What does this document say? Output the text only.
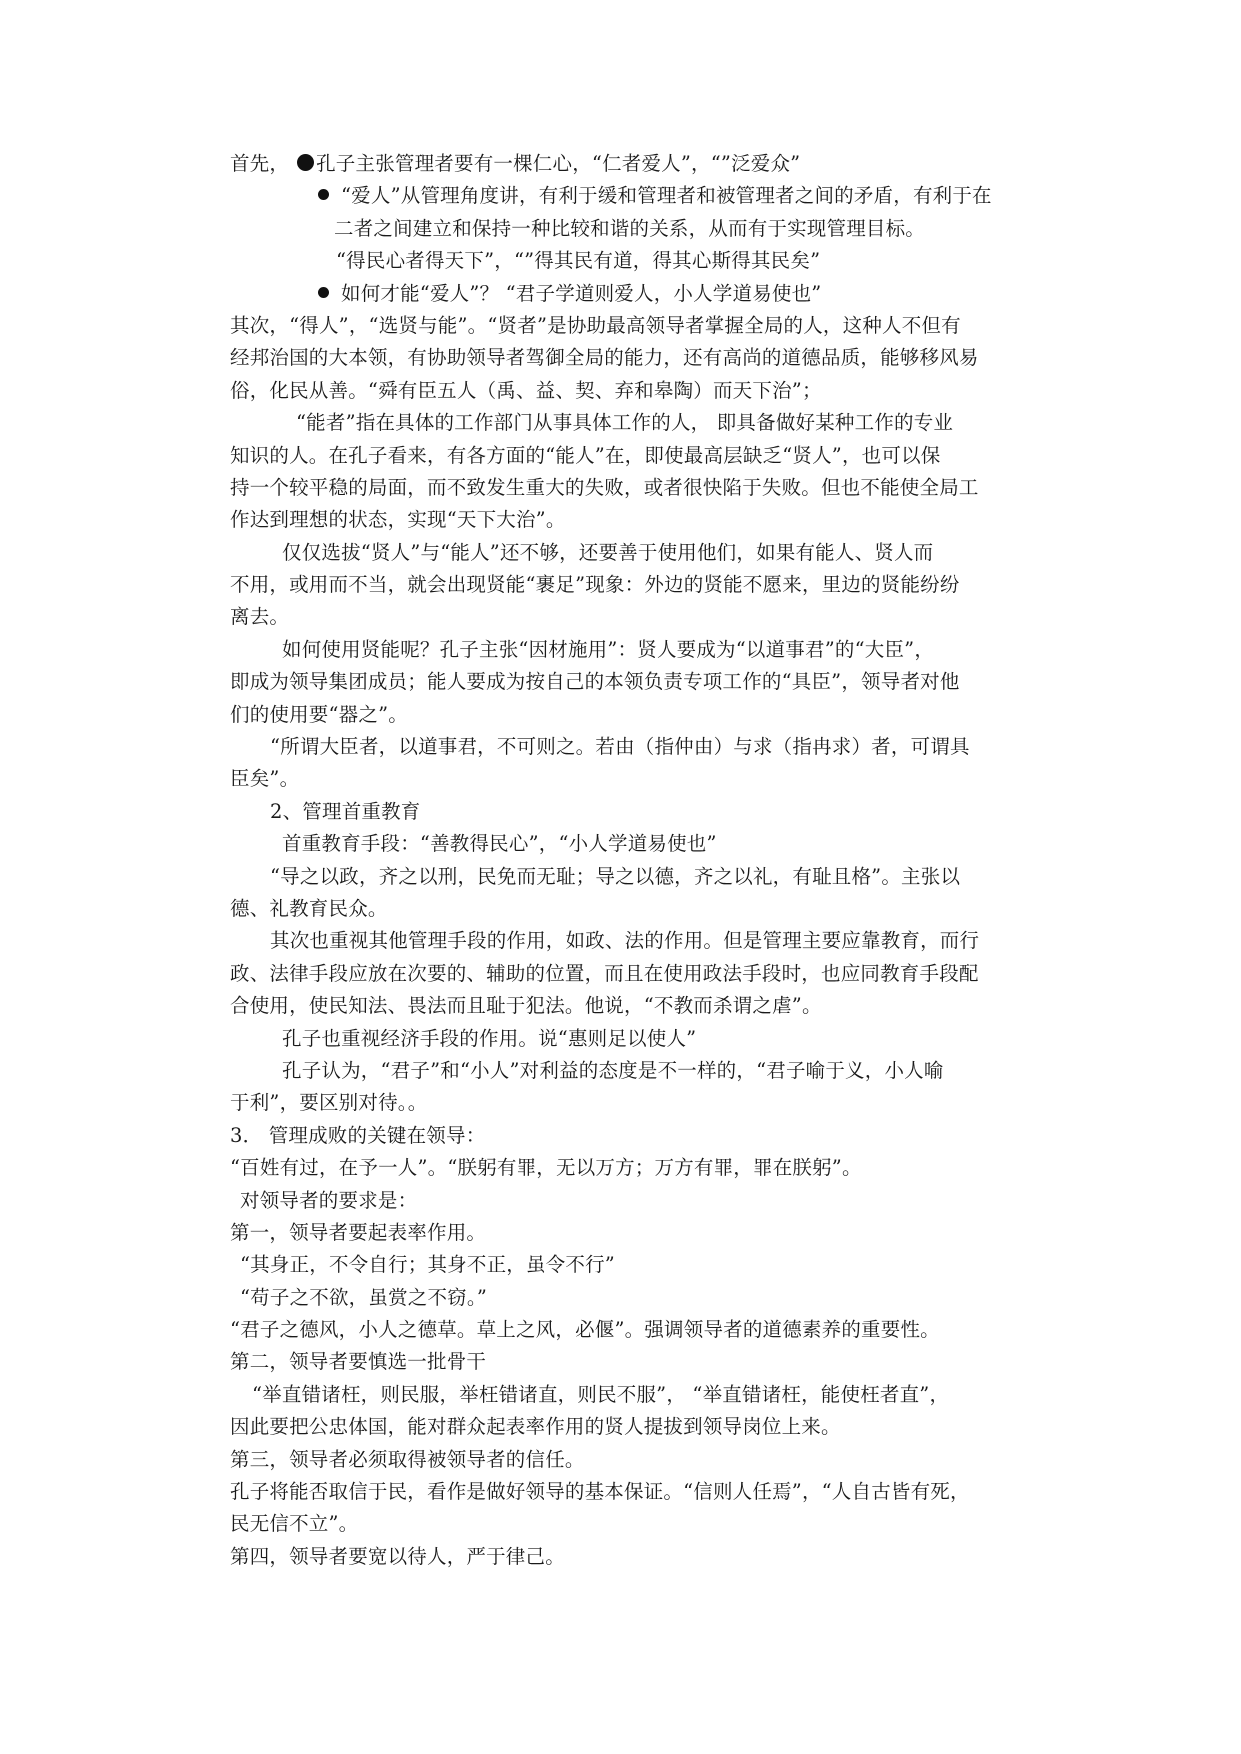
首先， 孔子主张管理者要有一棵仁心，“仁者爱人”，“”泛爱众”
“爱人”从管理角度讲，有利于缓和管理者和被管理者之间的矛盾，有利于在
二者之间建立和保持一种比较和谐的关系，从而有于实现管理目标。
“得民心者得天下”，“”得其民有道，得其心斯得其民矣”
如何才能“爱人”？ “君子学道则爱人，小人学道易使也”
其次，“得人”，“选贤与能”。“贤者”是协助最高领导者掌握全局的人，这种人不但有
经邦治国的大本领，有协助领导者驾御全局的能力，还有高尚的道德品质，能够移风易
俗，化民从善。“舜有臣五人（禹、益、契、弃和皋陶）而天下治”；
“能者”指在具体的工作部门从事具体工作的人， 即具备做好某种工作的专业
知识的人。在孔子看来，有各方面的“能人”在，即使最高层缺乏“贤人”，也可以保
持一个较平稳的局面，而不致发生重大的失败，或者很快陷于失败。但也不能使全局工
作达到理想的状态，实现“天下大治”。
仅仅选拔“贤人”与“能人”还不够，还要善于使用他们，如果有能人、贤人而
不用，或用而不当，就会出现贤能“裹足”现象：外边的贤能不愿来，里边的贤能纷纷
离去。
如何使用贤能呢？孔子主张“因材施用”：贤人要成为“以道事君”的“大臣”，
即成为领导集团成员；能人要成为按自己的本领负责专项工作的“具臣”，领导者对他
们的使用要“器之”。
“所谓大臣者，以道事君，不可则之。若由（指仲由）与求（指冉求）者，可谓具
臣矣”。
2、管理首重教育
首重教育手段：“善教得民心”，“小人学道易使也”
“导之以政，齐之以刑，民免而无耻；导之以德，齐之以礼，有耻且格”。主张以
德、礼教育民众。
其次也重视其他管理手段的作用，如政、法的作用。但是管理主要应靠教育，而行
政、法律手段应放在次要的、辅助的位置，而且在使用政法手段时，也应同教育手段配
合使用，使民知法、畏法而且耻于犯法。他说，“不教而杀谓之虐”。
孔子也重视经济手段的作用。说“惠则足以使人”
孔子认为，“君子”和“小人”对利益的态度是不一样的，“君子喻于义，小人喻
于利”，要区别对待。。
3． 管理成败的关键在领导：
“百姓有过，在予一人”。“朕躬有罪，无以万方；万方有罪，罪在朕躬”。
对领导者的要求是：
第一，领导者要起表率作用。
“其身正，不令自行；其身不正，虽令不行”
“苟子之不欲，虽赏之不窃。”
“君子之德风，小人之德草。草上之风，必偃”。强调领导者的道德素养的重要性。
第二，领导者要慎选一批骨干
“举直错诸枉，则民服，举枉错诸直，则民不服”， “举直错诸枉，能使枉者直”，
因此要把公忠体国，能对群众起表率作用的贤人提拔到领导岗位上来。
第三，领导者必须取得被领导者的信任。
孔子将能否取信于民，看作是做好领导的基本保证。“信则人任焉”，“人自古皆有死，
民无信不立”。
第四，领导者要宽以待人，严于律己。
